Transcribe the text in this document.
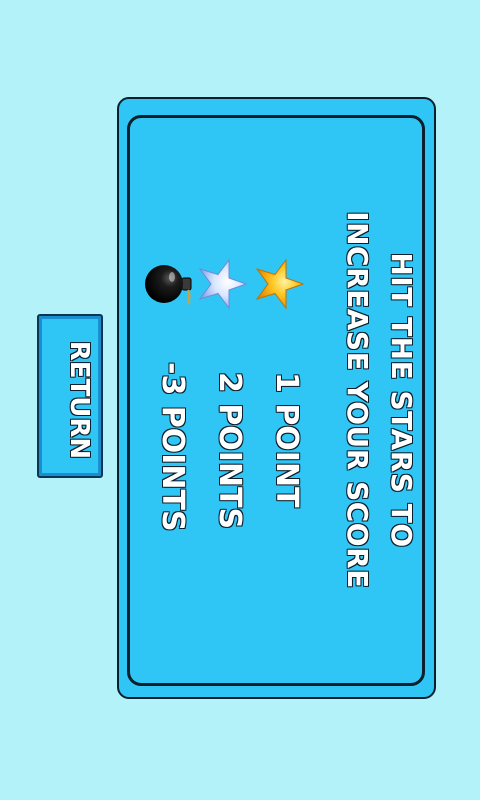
HIT THE STARS TO
INCREASE YOUR SCORE
1 POINT
2 POINTS
-3 POINTS
RETURN
